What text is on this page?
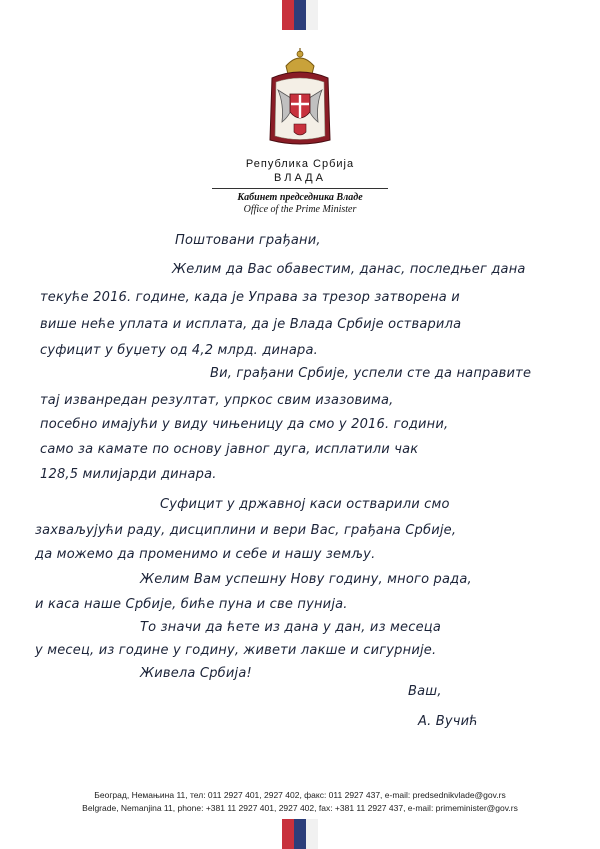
Република Србија
ВЛАДА
Кабинет председника Владе
Office of the Prime Minister
Поштовани грађани,
Желим да Вас обавестим, данас, последњег дана
текуће 2016. године, када је Управа за трезор затворена и
више неће уплата и исплата, да је Влада Србије остварила
суфицит у буџету од 4,2 млрд. динара.
Ви, грађани Србије, успели сте да направите
тај изванредан резултат, упркос свим изазовима,
посебно имајући у виду чињеницу да смо у 2016. години,
само за камате по основу јавног дуга, исплатили чак
128,5 милијарди динара.
Суфицит у државној каси остварили смо
захваљујући раду, дисциплини и вери Вас, грађана Србије,
да можемо да променимо и себе и нашу земљу.
Желим Вам успешну Нову годину, много рада,
и каса наше Србије, биће пуна и све пунија.
То значи да ћете из дана у дан, из месеца
у месец, из године у годину, живети лакше и сигурније.
Живела Србија!
Ваш,
А. Вучић
Београд, Немањина 11, тел: 011 2927 401, 2927 402, факс: 011 2927 437, e-mail: predsednikvlade@gov.rs
Belgrade, Nemanjina 11, phone: +381 11 2927 401, 2927 402, fax: +381 11 2927 437, e-mail: primeminister@gov.rs
